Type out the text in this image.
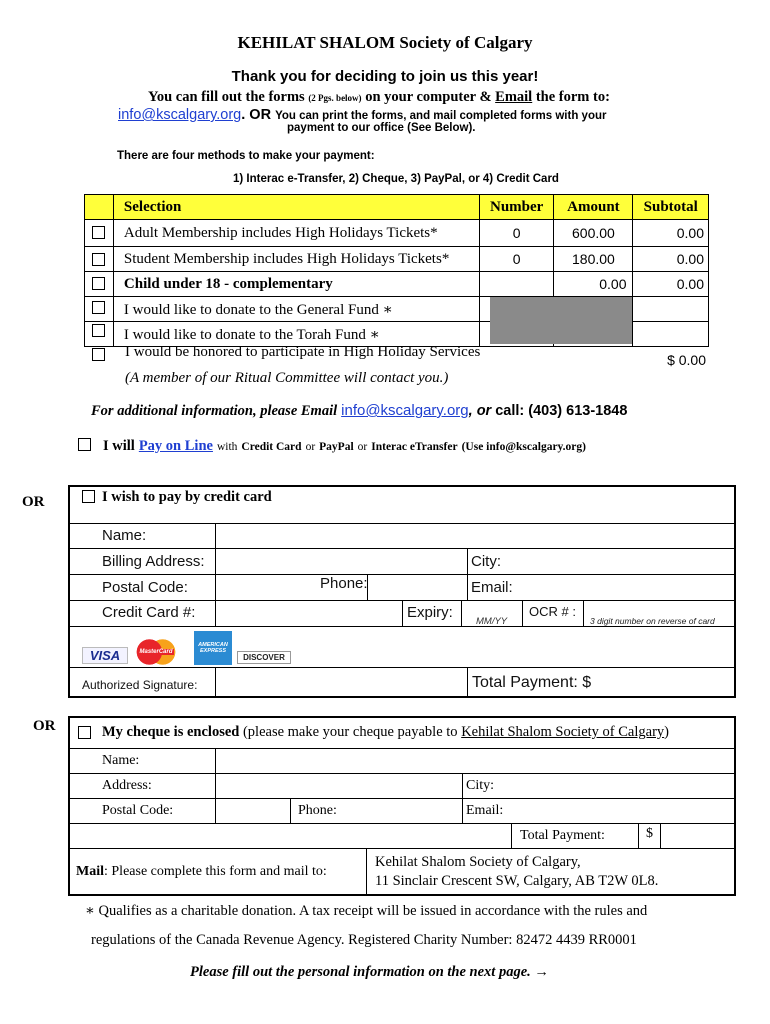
KEHILAT SHALOM Society of Calgary
Thank you for deciding to join us this year!
You can fill out the forms (2 Pgs. below) on your computer & Email the form to:
info@kscalgary.org. OR You can print the forms, and mail completed forms with your
payment to our office (See Below).
There are four methods to make your payment:
1) Interac e-Transfer, 2) Cheque, 3) PayPal, or 4) Credit Card
	Selection	Number	Amount	Subtotal
	Adult Membership includes High Holidays Tickets*	0	600.00	0.00
	Student Membership includes High Holidays Tickets*	0	180.00	0.00
	Child under 18 - complementary		0.00	0.00
	I would like to donate to the General Fund ∗			
	I would like to donate to the Torah Fund ∗			
I would be honored to participate in High Holiday Services
(A member of our Ritual Committee will contact you.)
$ 0.00
For additional information, please Email info@kscalgary.org, or call: (403) 613-1848
I will Pay on Line with Credit Card or PayPal or Interac eTransfer (Use info@kscalgary.org)
OR	I wish to pay by credit card
Name:
Billing Address:	City:
Postal Code:	Phone:	Email:
Credit Card #:	Expiry:
MM/YY
OCR # :
3 digit number on reverse of card
VISA	MasterCard
AMERICAN EXPRESS
DISCOVER
Authorized Signature:	Total Payment: $
OR	My cheque is enclosed (please make your cheque payable to Kehilat Shalom Society of Calgary)
Name:
Address:	City:
Postal Code:	Phone:	Email:
Total Payment:	$
Mail: Please complete this form and mail to:
Kehilat Shalom Society of Calgary,
11 Sinclair Crescent SW, Calgary, AB T2W 0L8.
∗ Qualifies as a charitable donation. A tax receipt will be issued in accordance with the rules and
regulations of the Canada Revenue Agency. Registered Charity Number: 82472 4439 RR0001
Please fill out the personal information on the next page. →
